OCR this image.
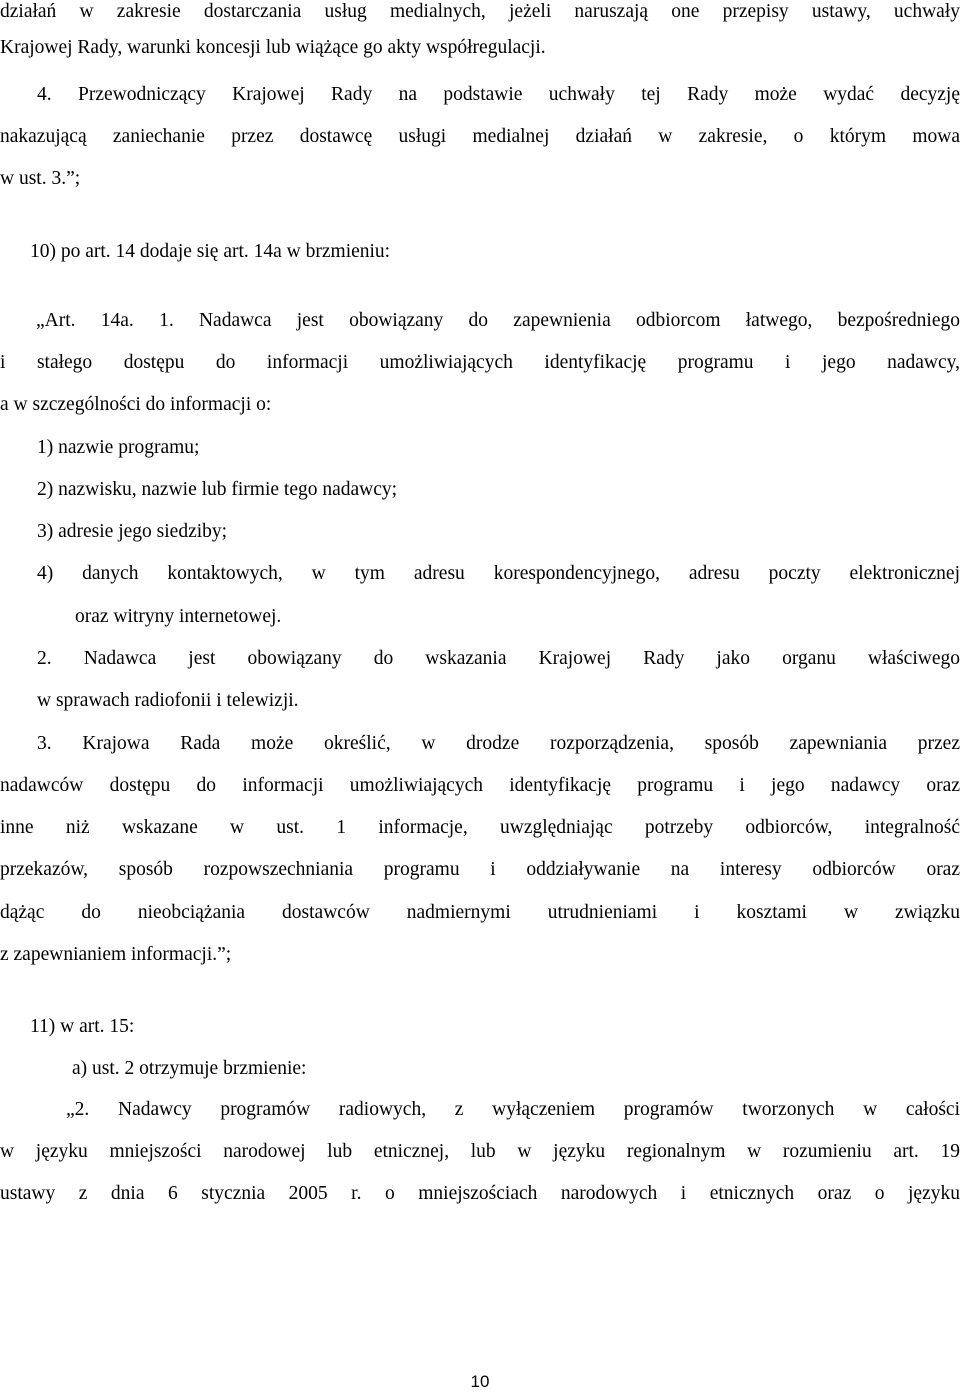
działań w zakresie dostarczania usług medialnych, jeżeli naruszają one przepisy ustawy, uchwały
Krajowej Rady, warunki koncesji lub wiążące go akty współregulacji.
4. Przewodniczący Krajowej Rady na podstawie uchwały tej Rady może wydać decyzję
nakazującą zaniechanie przez dostawcę usługi medialnej działań w zakresie, o którym mowa
w ust. 3.”;
10) po art. 14 dodaje się art. 14a w brzmieniu:
„Art. 14a. 1. Nadawca jest obowiązany do zapewnienia odbiorcom łatwego, bezpośredniego
i stałego dostępu do informacji umożliwiających identyfikację programu i jego nadawcy,
a w szczególności do informacji o:
1) nazwie programu;
2) nazwisku, nazwie lub firmie tego nadawcy;
3) adresie jego siedziby;
4) danych kontaktowych, w tym adresu korespondencyjnego, adresu poczty elektronicznej
oraz witryny internetowej.
2. Nadawca jest obowiązany do wskazania Krajowej Rady jako organu właściwego
w sprawach radiofonii i telewizji.
3. Krajowa Rada może określić, w drodze rozporządzenia, sposób zapewniania przez
nadawców dostępu do informacji umożliwiających identyfikację programu i jego nadawcy oraz
inne niż wskazane w ust. 1 informacje, uwzględniając potrzeby odbiorców, integralność
przekazów, sposób rozpowszechniania programu i oddziaływanie na interesy odbiorców oraz
dążąc do nieobciążania dostawców nadmiernymi utrudnieniami i kosztami w związku
z zapewnianiem informacji.”;
11) w art. 15:
a) ust. 2 otrzymuje brzmienie:
„2. Nadawcy programów radiowych, z wyłączeniem programów tworzonych w całości
w języku mniejszości narodowej lub etnicznej, lub w języku regionalnym w rozumieniu art. 19
ustawy z dnia 6 stycznia 2005 r. o mniejszościach narodowych i etnicznych oraz o języku
10
